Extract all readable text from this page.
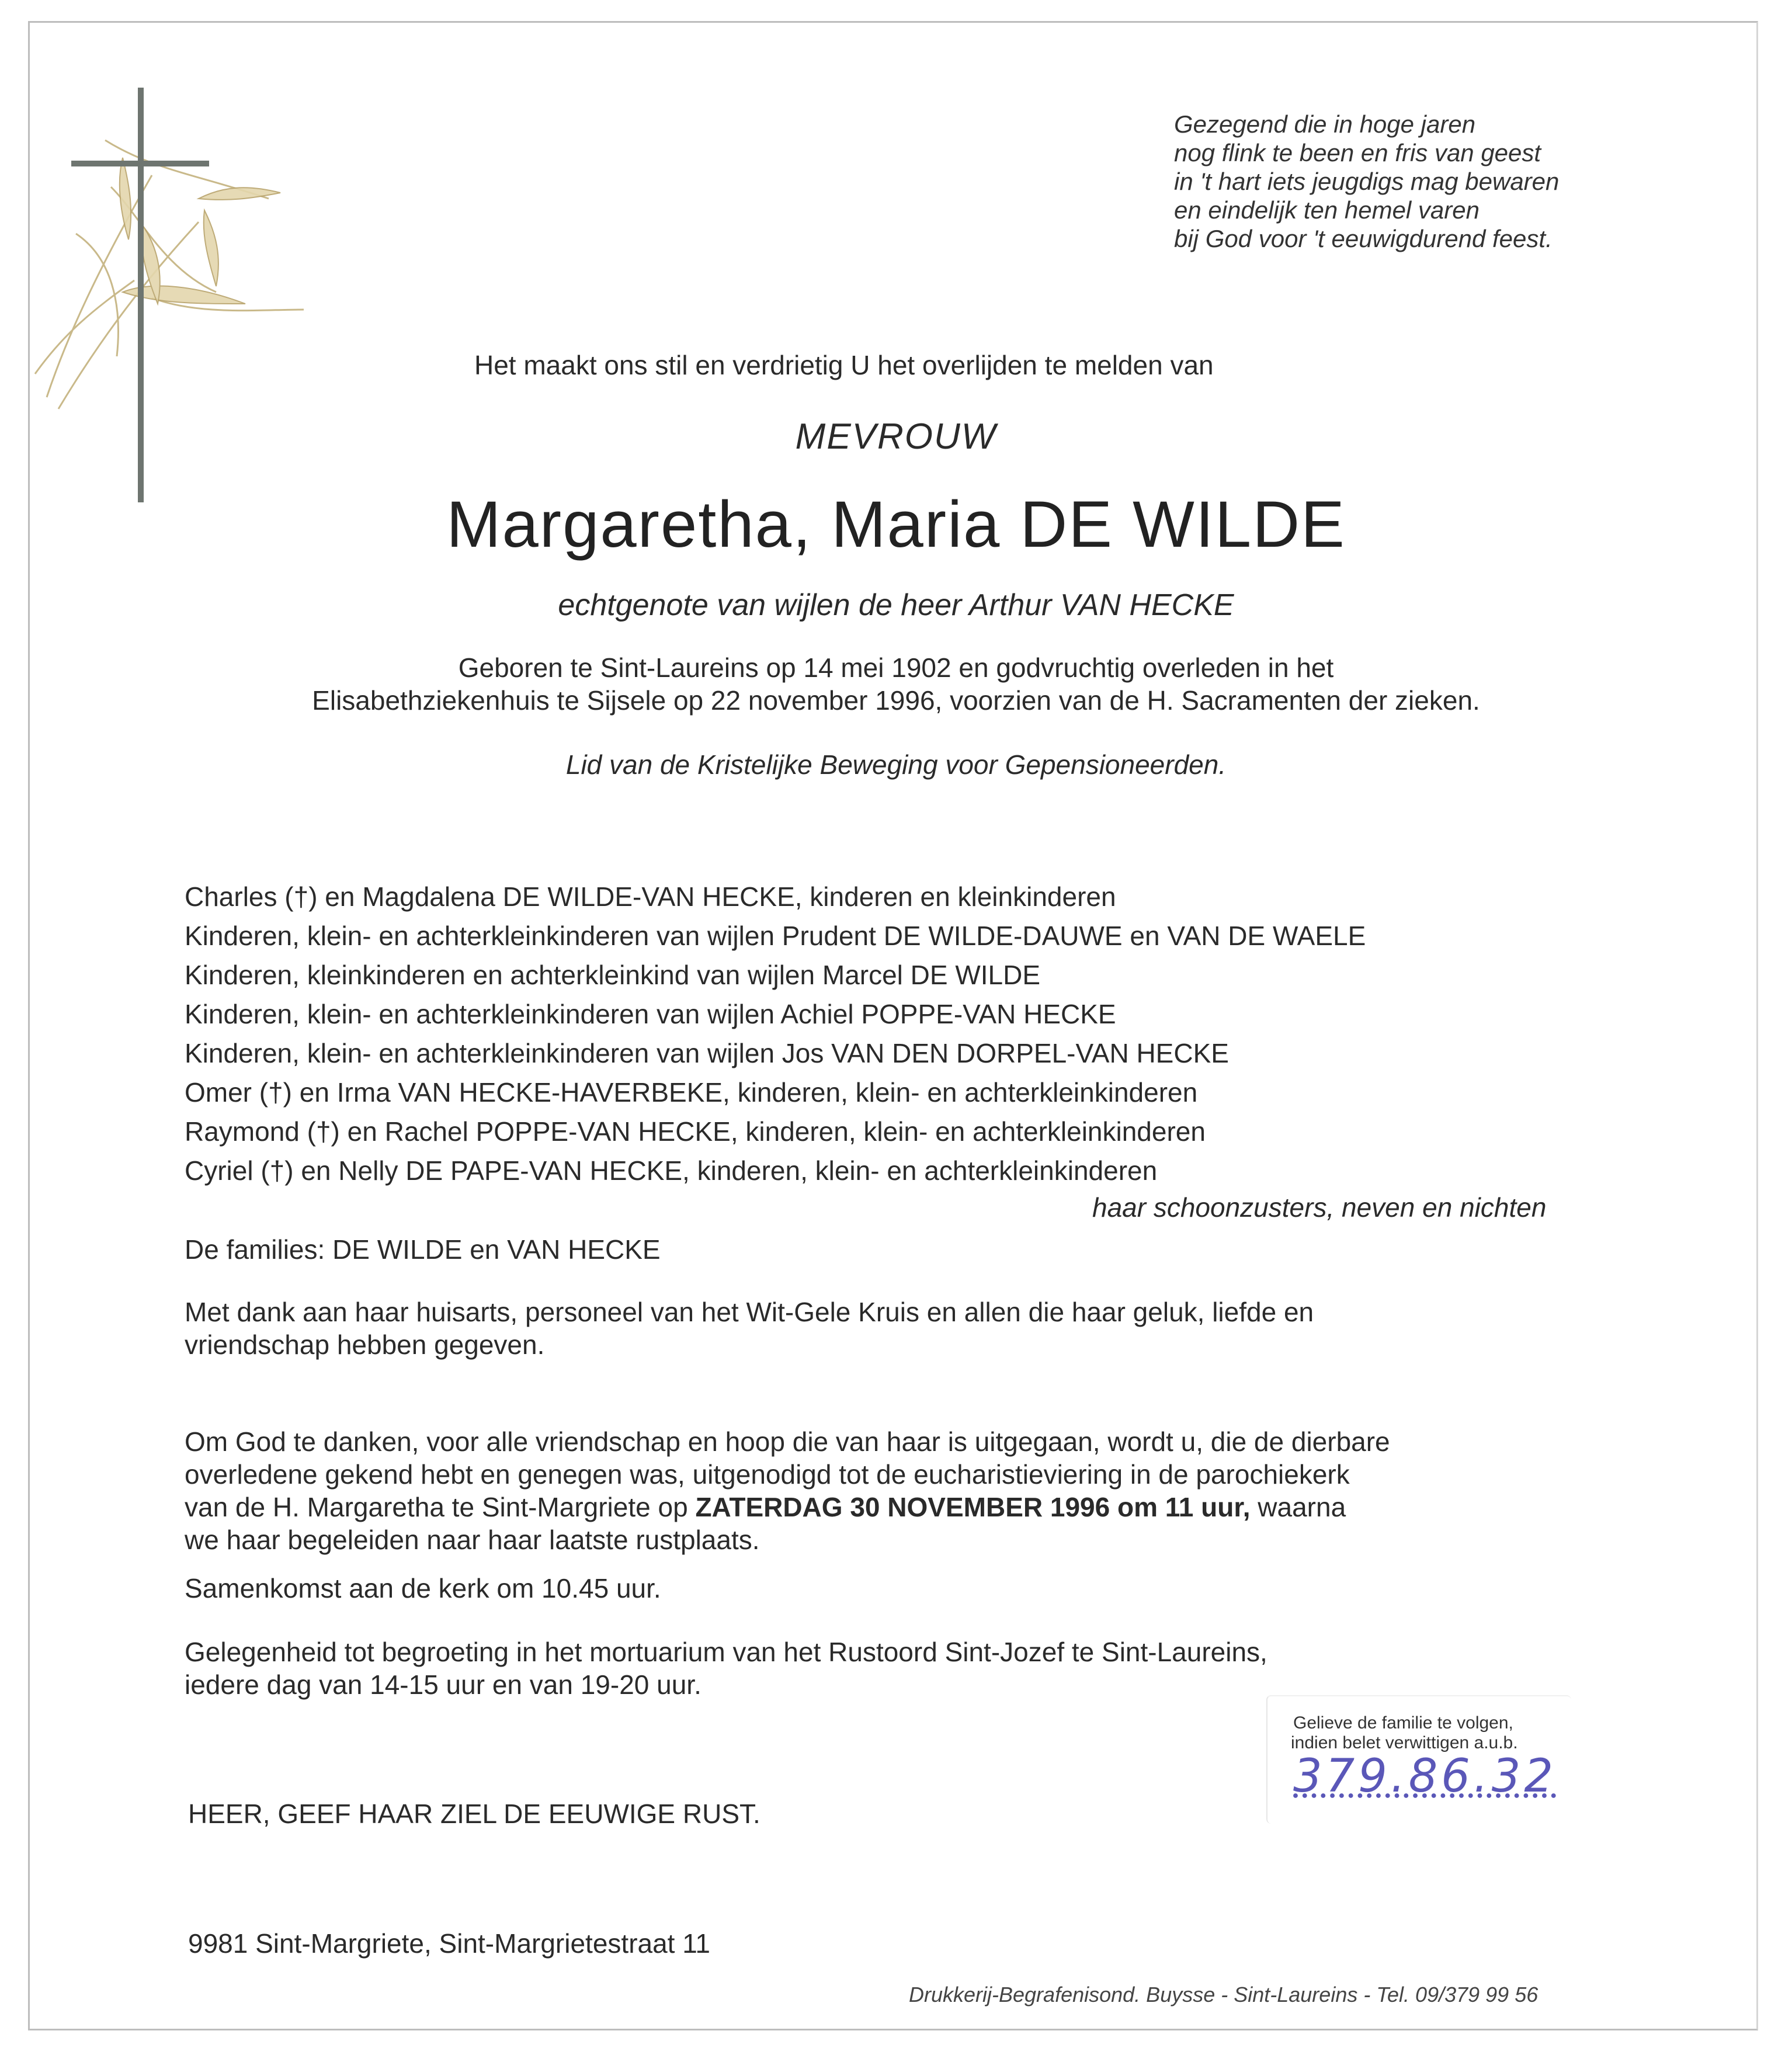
Gezegend die in hoge jaren
nog flink te been en fris van geest
in 't hart iets jeugdigs mag bewaren
en eindelijk ten hemel varen
bij God voor 't eeuwigdurend feest.
Het maakt ons stil en verdrietig U het overlijden te melden van
MEVROUW
Margaretha, Maria DE WILDE
echtgenote van wijlen de heer Arthur VAN HECKE
Geboren te Sint-Laureins op 14 mei 1902 en godvruchtig overleden in het
Elisabethziekenhuis te Sijsele op 22 november 1996, voorzien van de H. Sacramenten der zieken.
Lid van de Kristelijke Beweging voor Gepensioneerden.
Charles (†) en Magdalena DE WILDE-VAN HECKE, kinderen en kleinkinderen
Kinderen, klein- en achterkleinkinderen van wijlen Prudent DE WILDE-DAUWE en VAN DE WAELE
Kinderen, kleinkinderen en achterkleinkind van wijlen Marcel DE WILDE
Kinderen, klein- en achterkleinkinderen van wijlen Achiel POPPE-VAN HECKE
Kinderen, klein- en achterkleinkinderen van wijlen Jos VAN DEN DORPEL-VAN HECKE
Omer (†) en Irma VAN HECKE-HAVERBEKE, kinderen, klein- en achterkleinkinderen
Raymond (†) en Rachel POPPE-VAN HECKE, kinderen, klein- en achterkleinkinderen
Cyriel (†) en Nelly DE PAPE-VAN HECKE, kinderen, klein- en achterkleinkinderen
haar schoonzusters, neven en nichten
De families: DE WILDE en VAN HECKE
Met dank aan haar huisarts, personeel van het Wit-Gele Kruis en allen die haar geluk, liefde en
vriendschap hebben gegeven.
Om God te danken, voor alle vriendschap en hoop die van haar is uitgegaan, wordt u, die de dierbare
overledene gekend hebt en genegen was, uitgenodigd tot de eucharistieviering in de parochiekerk
van de H. Margaretha te Sint-Margriete op ZATERDAG 30 NOVEMBER 1996 om 11 uur, waarna
we haar begeleiden naar haar laatste rustplaats.
Samenkomst aan de kerk om 10.45 uur.
Gelegenheid tot begroeting in het mortuarium van het Rustoord Sint-Jozef te Sint-Laureins,
iedere dag van 14-15 uur en van 19-20 uur.
Gelieve de familie te volgen,
indien belet verwittigen a.u.b.
379.86.32
HEER, GEEF HAAR ZIEL DE EEUWIGE RUST.
9981 Sint-Margriete, Sint-Margrietestraat 11
Drukkerij-Begrafenisond. Buysse - Sint-Laureins - Tel. 09/379 99 56
